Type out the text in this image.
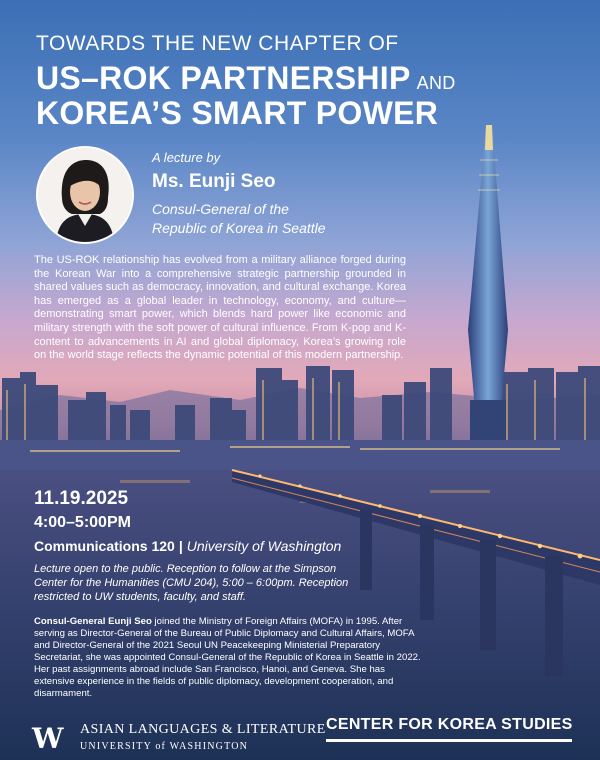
TOWARDS THE NEW CHAPTER OF
US–ROK PARTNERSHIP AND
KOREA’S SMART POWER
A lecture by
Ms. Eunji Seo
Consul-General of the
Republic of Korea in Seattle
The US-ROK relationship has evolved from a military alliance forged during the Korean War into a comprehensive strategic partnership grounded in shared values such as democracy, innovation, and cultural exchange. Korea has emerged as a global leader in technology, economy, and culture—demonstrating smart power, which blends hard power like economic and military strength with the soft power of cultural influence. From K-pop and K-content to advancements in AI and global diplomacy, Korea’s growing role on the world stage reflects the dynamic potential of this modern partnership.
11.19.2025
4:00–5:00PM
Communications 120 | University of Washington
Lecture open to the public. Reception to follow at the Simpson Center for the Humanities (CMU 204), 5:00 – 6:00pm. Reception restricted to UW students, faculty, and staff.
Consul-General Eunji Seo joined the Ministry of Foreign Affairs (MOFA) in 1995. After serving as Director-General of the Bureau of Public Diplomacy and Cultural Affairs, MOFA and Director-General of the 2021 Seoul UN Peacekeeping Ministerial Preparatory Secretariat, she was appointed Consul-General of the Republic of Korea in Seattle in 2022. Her past assignments abroad include San Francisco, Hanoi, and Geneva. She has extensive experience in the fields of public diplomacy, development cooperation, and disarmament.
W ASIAN LANGUAGES & LITERATURE
UNIVERSITY of WASHINGTON
CENTER FOR KOREA STUDIES
